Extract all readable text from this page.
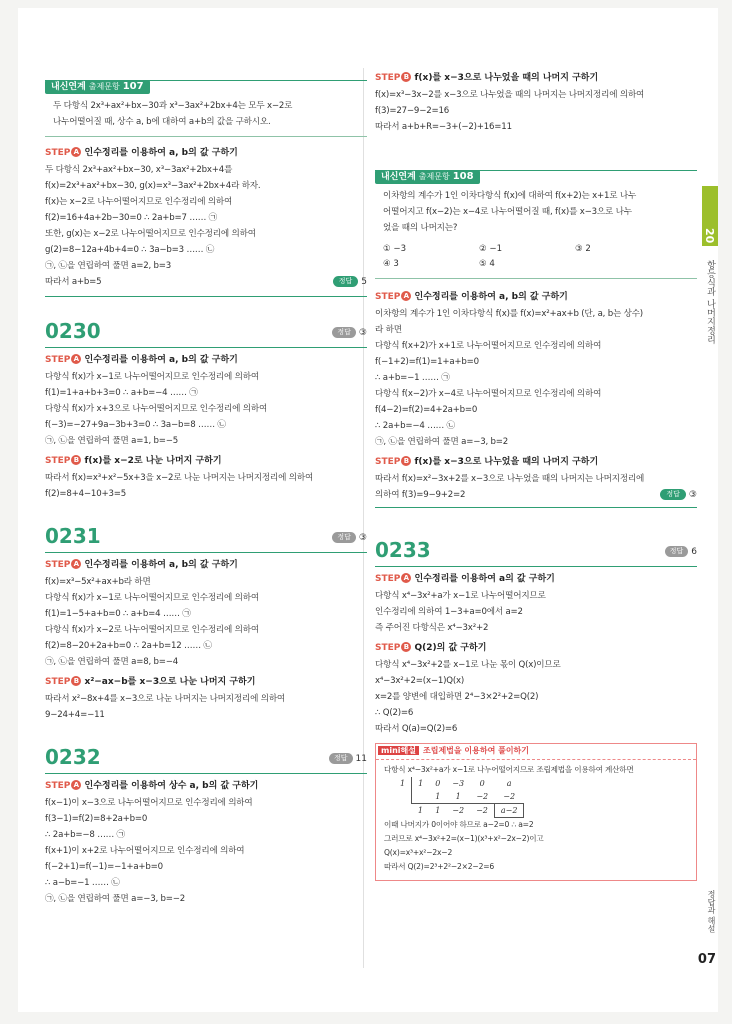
내신연계 출제문항 107
두 다항식 2x³+ax²+bx−30과 x³−3ax²+2bx+4는 모두 x−2로
나누어떨어질 때, 상수 a, b에 대하여 a+b의 값을 구하시오.
STEP A 인수정리를 이용하여 a, b의 값 구하기
두 다항식 2x³+ax²+bx−30, x³−3ax²+2bx+4를
f(x)=2x³+ax²+bx−30, g(x)=x³−3ax²+2bx+4라 하자.
f(x)는 x−2로 나누어떨어지므로 인수정리에 의하여
f(2)=16+4a+2b−30=0 ∴ 2a+b=7 …… ㉠
또한, g(x)는 x−2로 나누어떨어지므로 인수정리에 의하여
g(2)=8−12a+4b+4=0 ∴ 3a−b=3 …… ㉡
㉠, ㉡을 연립하여 풀면 a=2, b=3
따라서 a+b=5	정답 5
0230	정답 ③
STEP A 인수정리를 이용하여 a, b의 값 구하기
다항식 f(x)가 x−1로 나누어떨어지므로 인수정리에 의하여
f(1)=1+a+b+3=0 ∴ a+b=−4 …… ㉠
다항식 f(x)가 x+3으로 나누어떨어지므로 인수정리에 의하여
f(−3)=−27+9a−3b+3=0 ∴ 3a−b=8 …… ㉡
㉠, ㉡을 연립하여 풀면 a=1, b=−5
STEP B f(x)를 x−2로 나눈 나머지 구하기
따라서 f(x)=x³+x²−5x+3을 x−2로 나눈 나머지는 나머지정리에 의하여
f(2)=8+4−10+3=5
0231	정답 ③
STEP A 인수정리를 이용하여 a, b의 값 구하기
f(x)=x³−5x²+ax+b라 하면
다항식 f(x)가 x−1로 나누어떨어지므로 인수정리에 의하여
f(1)=1−5+a+b=0 ∴ a+b=4 …… ㉠
다항식 f(x)가 x−2로 나누어떨어지므로 인수정리에 의하여
f(2)=8−20+2a+b=0 ∴ 2a+b=12 …… ㉡
㉠, ㉡을 연립하여 풀면 a=8, b=−4
STEP B x²−ax−b를 x−3으로 나눈 나머지 구하기
따라서 x²−8x+4를 x−3으로 나눈 나머지는 나머지정리에 의하여
9−24+4=−11
0232	정답 11
STEP A 인수정리를 이용하여 상수 a, b의 값 구하기
f(x−1)이 x−3으로 나누어떨어지므로 인수정리에 의하여
f(3−1)=f(2)=8+2a+b=0
∴ 2a+b=−8 …… ㉠
f(x+1)이 x+2로 나누어떨어지므로 인수정리에 의하여
f(−2+1)=f(−1)=−1+a+b=0
∴ a−b=−1 …… ㉡
㉠, ㉡을 연립하여 풀면 a=−3, b=−2
STEP B f(x)를 x−3으로 나누었을 때의 나머지 구하기
f(x)=x³−3x−2를 x−3으로 나누었을 때의 나머지는 나머지정리에 의하여
f(3)=27−9−2=16
따라서 a+b+R=−3+(−2)+16=11
내신연계 출제문항 108
이차항의 계수가 1인 이차다항식 f(x)에 대하여 f(x+2)는 x+1로 나누
어떨어지고 f(x−2)는 x−4로 나누어떨어질 때, f(x)를 x−3으로 나누
었을 때의 나머지는?
① −3	② −1	③ 2
④ 3	⑤ 4
STEP A 인수정리를 이용하여 a, b의 값 구하기
이차항의 계수가 1인 이차다항식 f(x)를 f(x)=x²+ax+b (단, a, b는 상수)
라 하면
다항식 f(x+2)가 x+1로 나누어떨어지므로 인수정리에 의하여
f(−1+2)=f(1)=1+a+b=0
∴ a+b=−1 …… ㉠
다항식 f(x−2)가 x−4로 나누어떨어지므로 인수정리에 의하여
f(4−2)=f(2)=4+2a+b=0
∴ 2a+b=−4 …… ㉡
㉠, ㉡을 연립하여 풀면 a=−3, b=2
STEP B f(x)를 x−3으로 나누었을 때의 나머지 구하기
따라서 f(x)=x²−3x+2를 x−3으로 나누었을 때의 나머지는 나머지정리에
의하여 f(3)=9−9+2=2	정답 ③
0233	정답 6
STEP A 인수정리를 이용하여 a의 값 구하기
다항식 x⁴−3x²+a가 x−1로 나누어떨어지므로
인수정리에 의하여 1−3+a=0에서 a=2
즉 주어진 다항식은 x⁴−3x²+2
STEP B Q(2)의 값 구하기
다항식 x⁴−3x²+2를 x−1로 나눈 몫이 Q(x)이므로
x⁴−3x²+2=(x−1)Q(x)
x=2를 양변에 대입하면 2⁴−3×2²+2=Q(2)
∴ Q(2)=6
따라서 Q(a)=Q(2)=6
mini해설 조립제법을 이용하여 풀이하기
다항식 x⁴−3x²+a가 x−1로 나누어떨어지므로 조립제법을 이용하여 계산하면
1	1	0	−3	0	a
		1	1	−2	−2
	1	1	−2	−2	a−2
이때 나머지가 0이어야 하므로 a−2=0 ∴ a=2
그러므로 x⁴−3x²+2=(x−1)(x³+x²−2x−2)이고
Q(x)=x³+x²−2x−2
따라서 Q(2)=2³+2²−2×2−2=6
20
항등식과 나머지정리
정답과 해설
07
